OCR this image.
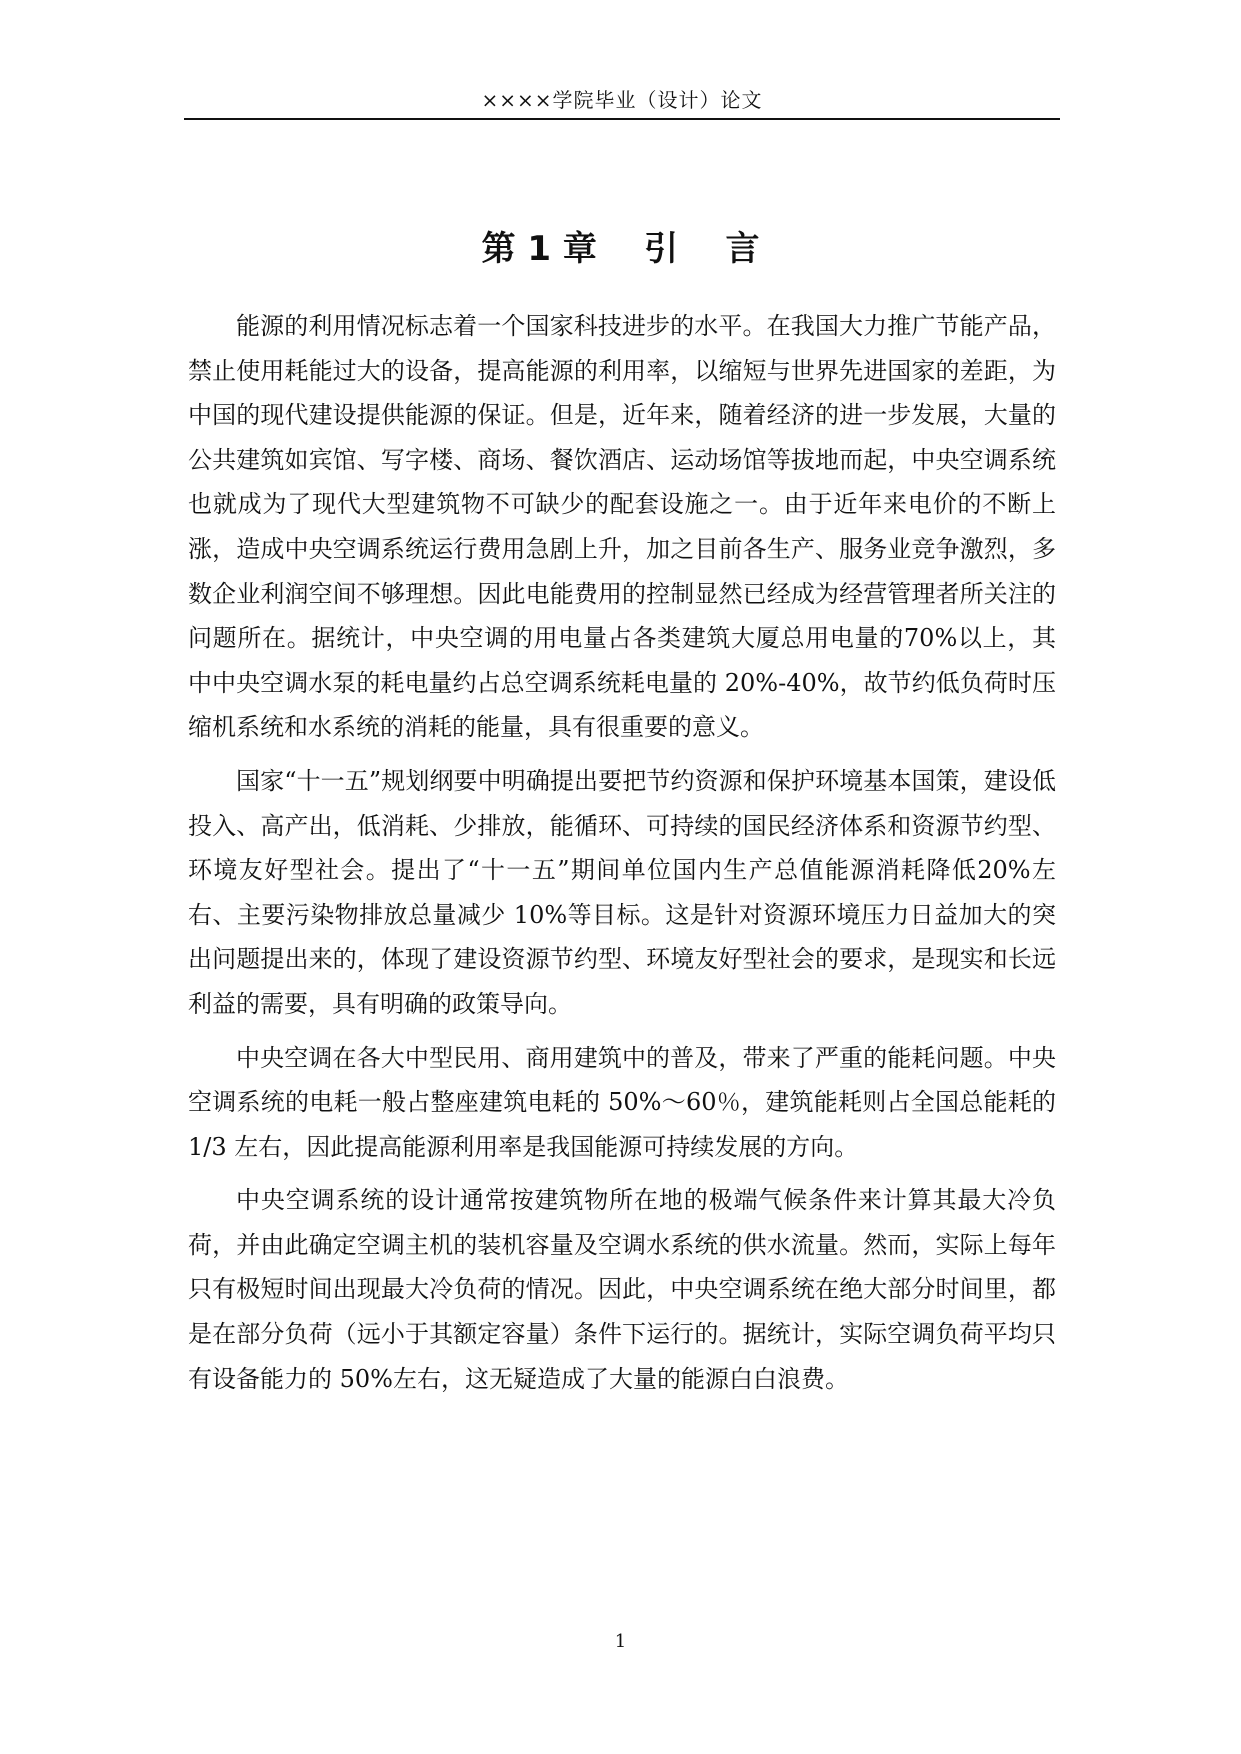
××××学院毕业（设计）论文
第 1 章    引    言

能源的利用情况标志着一个国家科技进步的水平。在我国大力推广节能产品，禁止使用耗能过大的设备，提高能源的利用率，以缩短与世界先进国家的差距，为中国的现代建设提供能源的保证。但是，近年来，随着经济的进一步发展，大量的公共建筑如宾馆、写字楼、商场、餐饮酒店、运动场馆等拔地而起，中央空调系统也就成为了现代大型建筑物不可缺少的配套设施之一。由于近年来电价的不断上涨，造成中央空调系统运行费用急剧上升，加之目前各生产、服务业竞争激烈，多数企业利润空间不够理想。因此电能费用的控制显然已经成为经营管理者所关注的问题所在。据统计，中央空调的用电量占各类建筑大厦总用电量的70%以上，其中中央空调水泵的耗电量约占总空调系统耗电量的 20%-40%，故节约低负荷时压缩机系统和水系统的消耗的能量，具有很重要的意义。

国家“十一五”规划纲要中明确提出要把节约资源和保护环境基本国策，建设低投入、高产出，低消耗、少排放，能循环、可持续的国民经济体系和资源节约型、环境友好型社会。提出了“十一五”期间单位国内生产总值能源消耗降低20%左右、主要污染物排放总量减少 10%等目标。这是针对资源环境压力日益加大的突出问题提出来的，体现了建设资源节约型、环境友好型社会的要求，是现实和长远利益的需要，具有明确的政策导向。

中央空调在各大中型民用、商用建筑中的普及，带来了严重的能耗问题。中央空调系统的电耗一般占整座建筑电耗的 50%～60％，建筑能耗则占全国总能耗的 1/3 左右，因此提高能源利用率是我国能源可持续发展的方向。

中央空调系统的设计通常按建筑物所在地的极端气候条件来计算其最大冷负荷，并由此确定空调主机的装机容量及空调水系统的供水流量。然而，实际上每年只有极短时间出现最大冷负荷的情况。因此，中央空调系统在绝大部分时间里，都是在部分负荷（远小于其额定容量）条件下运行的。据统计，实际空调负荷平均只有设备能力的 50%左右，这无疑造成了大量的能源白白浪费。

1
